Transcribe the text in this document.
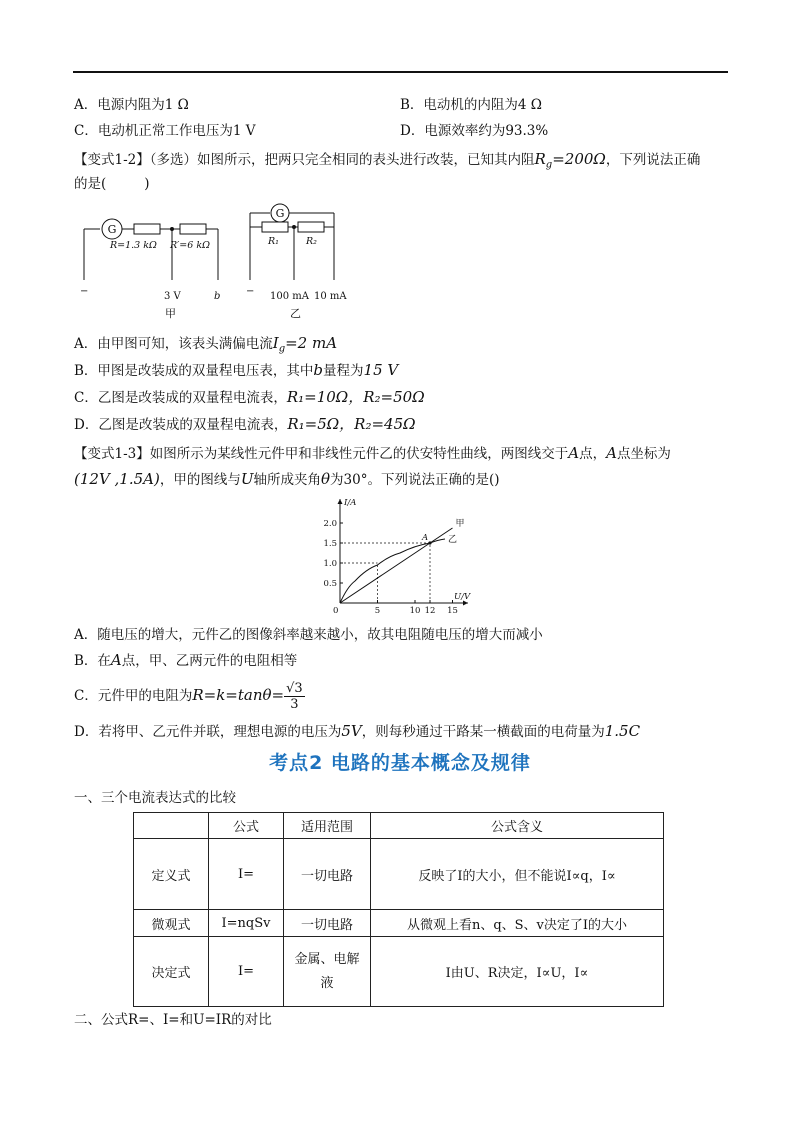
A．电源内阻为1 Ω	B．电动机的内阻为4 Ω
C．电动机正常工作电压为1 V	D．电源效率约为93.3%
【变式1-2】（多选）如图所示，把两只完全相同的表头进行改装，已知其内阻$R_g=200\Omega$，下列说法正确
的是(	)
G
R=1.3 kΩ R′=6 kΩ
−	3 V	b
甲
G
R₁	R₂
− 100 mA 10 mA
乙
A．由甲图可知，该表头满偏电流$I_g=2$ mA
B．甲图是改装成的双量程电压表，其中b量程为15 V
C．乙图是改装成的双量程电流表，R₁=10Ω，R₂=50Ω
D．乙图是改装成的双量程电流表，R₁=5Ω，R₂=45Ω
【变式1-3】如图所示为某线性元件甲和非线性元件乙的伏安特性曲线，两图线交于A点，A点坐标为
(12V ,1.5A)，甲的图线与U轴所成夹角θ为30°。下列说法正确的是()
U/V
I/A
0	5	10 12 15
0.5
1.0
1.5
2.0	甲
乙
A
A．随电压的增大，元件乙的图像斜率越来越小，故其电阻随电压的增大而减小
B．在A点，甲、乙两元件的电阻相等
C．元件甲的电阻为$R=k=\tan\theta= \frac{√3}{3}$
D．若将甲、乙元件并联，理想电源的电压为5V，则每秒通过干路某一横截面的电荷量为1.5C
考点2 电路的基本概念及规律
一、三个电流表达式的比较
	公式	适用范围	公式含义
定义式	I=	一切电路	反映了I的大小，但不能说I∝q，I∝
微观式	I=nqSv	一切电路	从微观上看n、q、S、v决定了I的大小
决定式	I=	金属、电解液	I由U、R决定，I∝U，I∝
二、公式R=、I=和U=IR的对比
